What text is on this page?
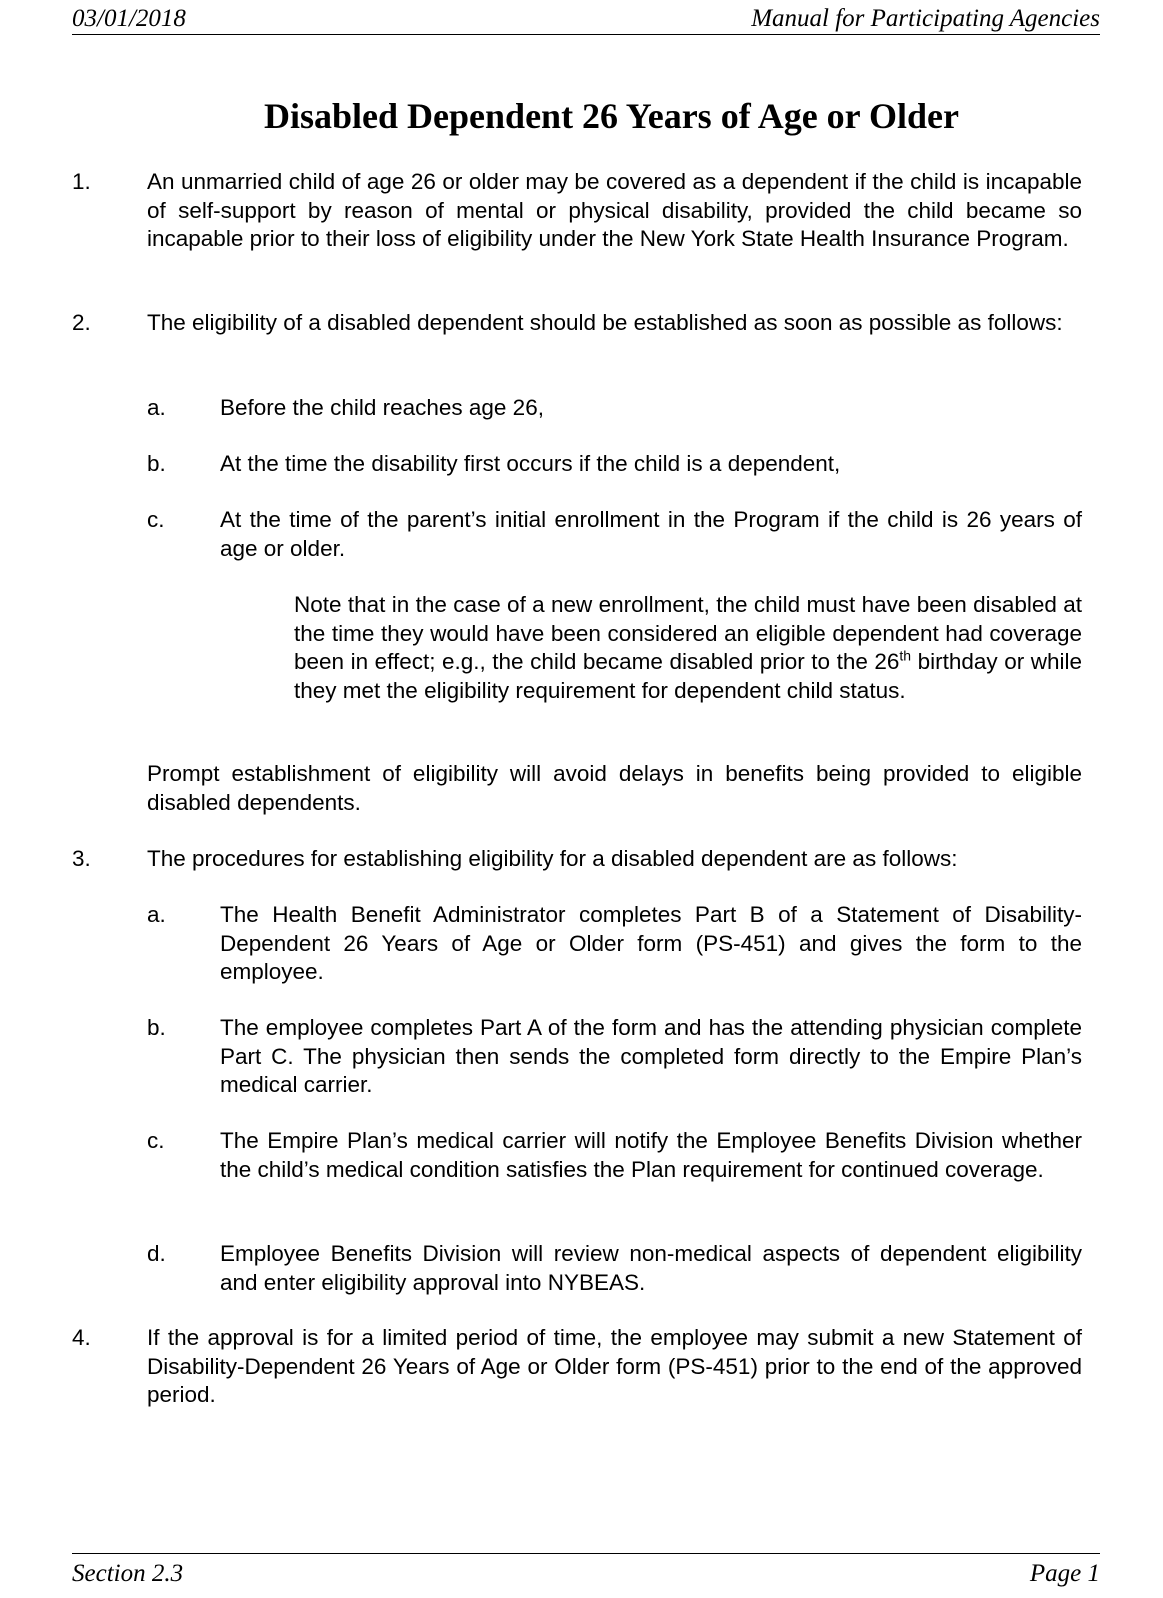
03/01/2018	Manual for Participating Agencies
Disabled Dependent 26 Years of Age or Older
1. An unmarried child of age 26 or older may be covered as a dependent if the child is incapable of self-support by reason of mental or physical disability, provided the child became so incapable prior to their loss of eligibility under the New York State Health Insurance Program.
2. The eligibility of a disabled dependent should be established as soon as possible as follows:
a. Before the child reaches age 26,
b. At the time the disability first occurs if the child is a dependent,
c. At the time of the parent’s initial enrollment in the Program if the child is 26 years of age or older.
Note that in the case of a new enrollment, the child must have been disabled at the time they would have been considered an eligible dependent had coverage been in effect; e.g., the child became disabled prior to the 26th birthday or while they met the eligibility requirement for dependent child status.
Prompt establishment of eligibility will avoid delays in benefits being provided to eligible disabled dependents.
3. The procedures for establishing eligibility for a disabled dependent are as follows:
a. The Health Benefit Administrator completes Part B of a Statement of Disability-Dependent 26 Years of Age or Older form (PS-451) and gives the form to the employee.
b. The employee completes Part A of the form and has the attending physician complete Part C. The physician then sends the completed form directly to the Empire Plan’s medical carrier.
c. The Empire Plan’s medical carrier will notify the Employee Benefits Division whether the child’s medical condition satisfies the Plan requirement for continued coverage.
d. Employee Benefits Division will review non-medical aspects of dependent eligibility and enter eligibility approval into NYBEAS.
4. If the approval is for a limited period of time, the employee may submit a new Statement of Disability-Dependent 26 Years of Age or Older form (PS-451) prior to the end of the approved period.
Section 2.3	Page 1
